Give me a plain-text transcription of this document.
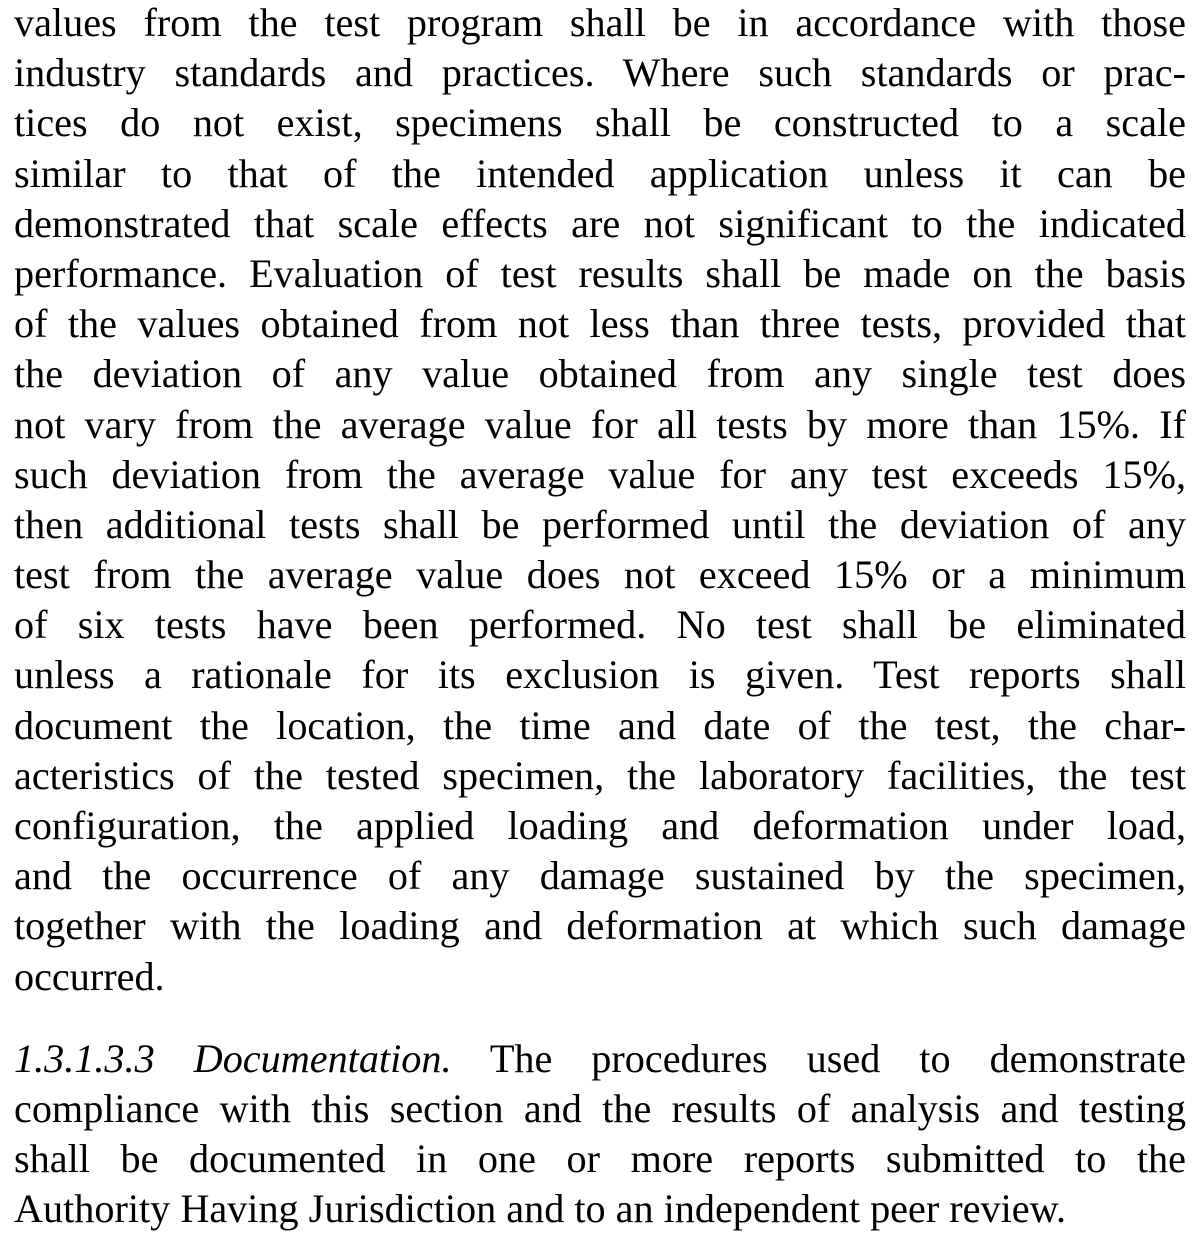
values from the test program shall be in accordance with those
industry standards and practices. Where such standards or prac-
tices do not exist, specimens shall be constructed to a scale
similar to that of the intended application unless it can be
demonstrated that scale effects are not significant to the indicated
performance. Evaluation of test results shall be made on the basis
of the values obtained from not less than three tests, provided that
the deviation of any value obtained from any single test does
not vary from the average value for all tests by more than 15%. If
such deviation from the average value for any test exceeds 15%,
then additional tests shall be performed until the deviation of any
test from the average value does not exceed 15% or a minimum
of six tests have been performed. No test shall be eliminated
unless a rationale for its exclusion is given. Test reports shall
document the location, the time and date of the test, the char-
acteristics of the tested specimen, the laboratory facilities, the test
configuration, the applied loading and deformation under load,
and the occurrence of any damage sustained by the specimen,
together with the loading and deformation at which such damage
occurred.
1.3.1.3.3 Documentation. The procedures used to demonstrate
compliance with this section and the results of analysis and testing
shall be documented in one or more reports submitted to the
Authority Having Jurisdiction and to an independent peer review.
